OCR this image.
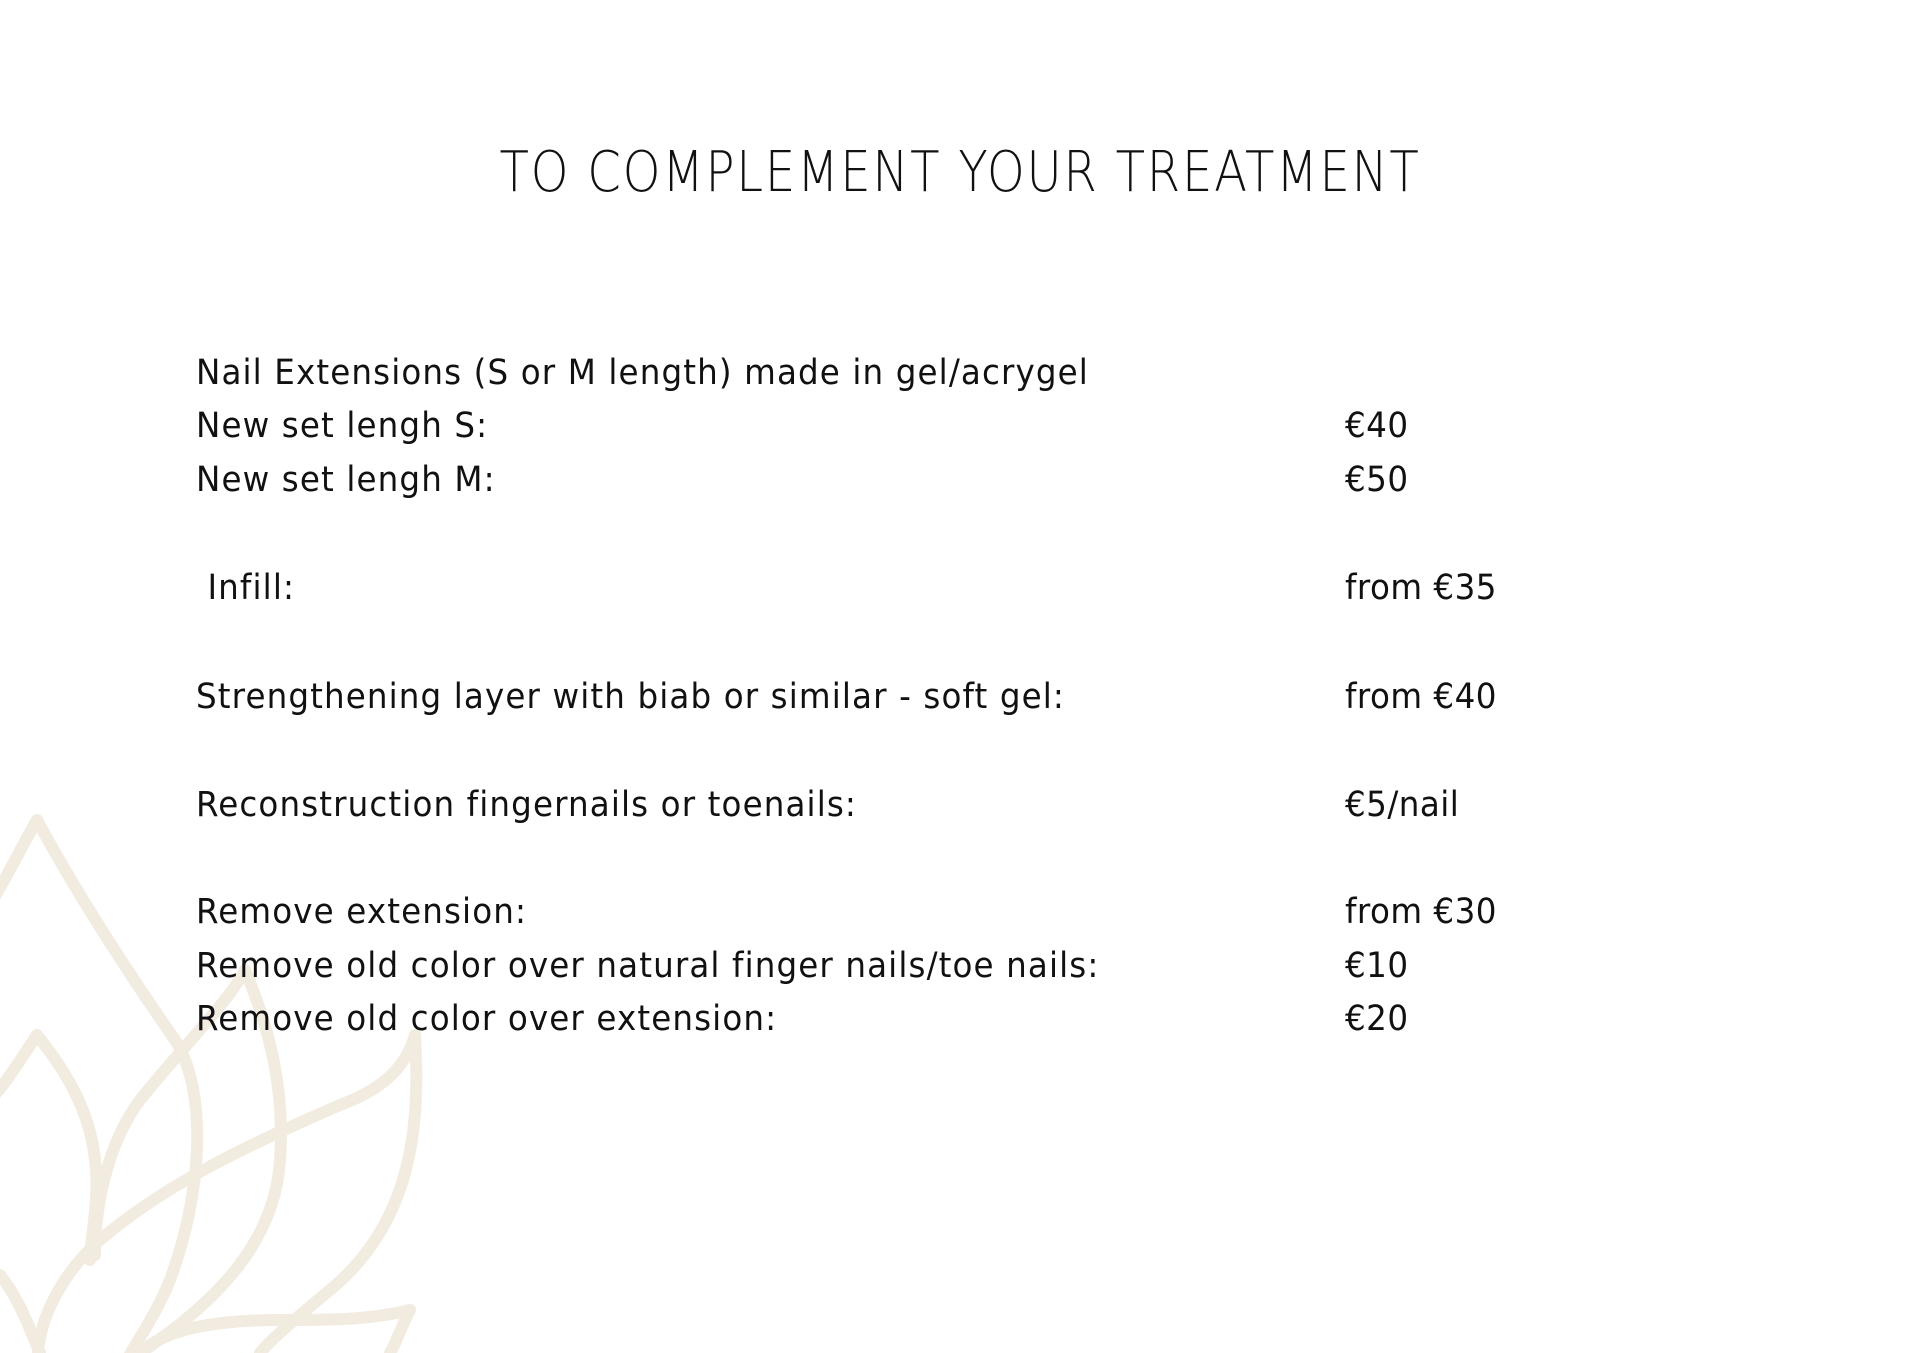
TO COMPLEMENT YOUR TREATMENT
Nail Extensions (S or M length) made in gel/acrygel
New set lengh S:	€40
New set lengh M:	€50
Infill:	from €35
Strengthening layer with biab or similar - soft gel:	from €40
Reconstruction fingernails or toenails:	€5/nail
Remove extension:	from €30
Remove old color over natural finger nails/toe nails:	€10
Remove old color over extension:	€20
